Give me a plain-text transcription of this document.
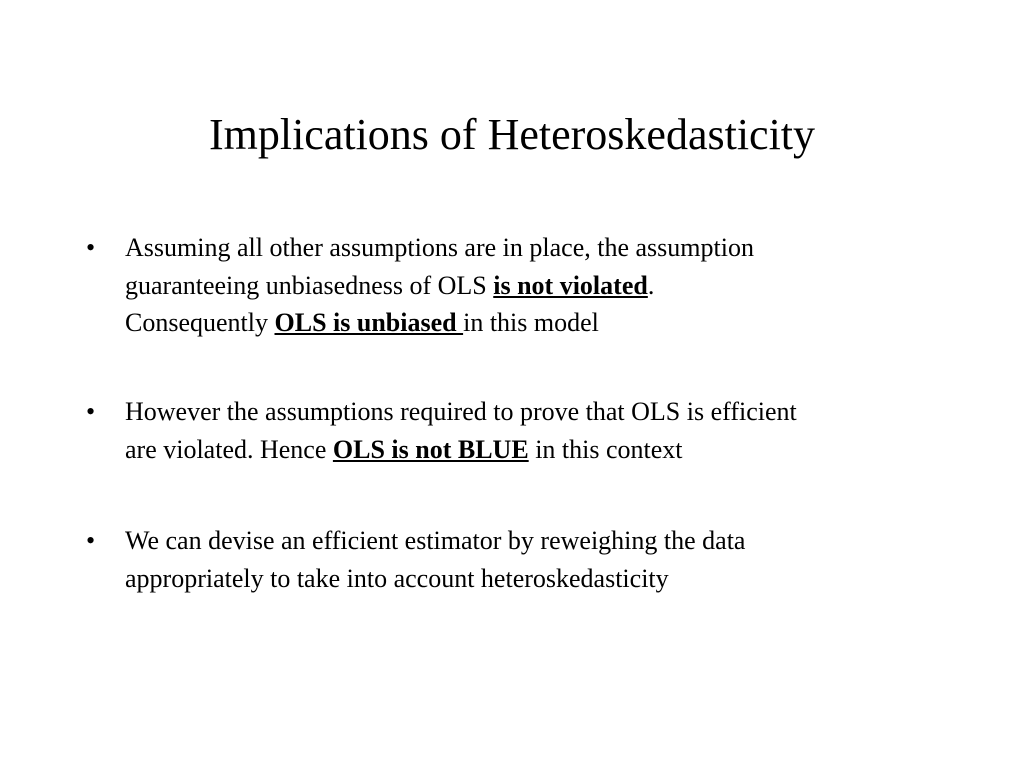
Implications of Heteroskedasticity
•	Assuming all other assumptions are in place, the assumption
guaranteeing unbiasedness of OLS is not violated.
Consequently OLS is unbiased in this model
•	However the assumptions required to prove that OLS is efficient
are violated. Hence OLS is not BLUE in this context
•	We can devise an efficient estimator by reweighing the data
appropriately to take into account heteroskedasticity
